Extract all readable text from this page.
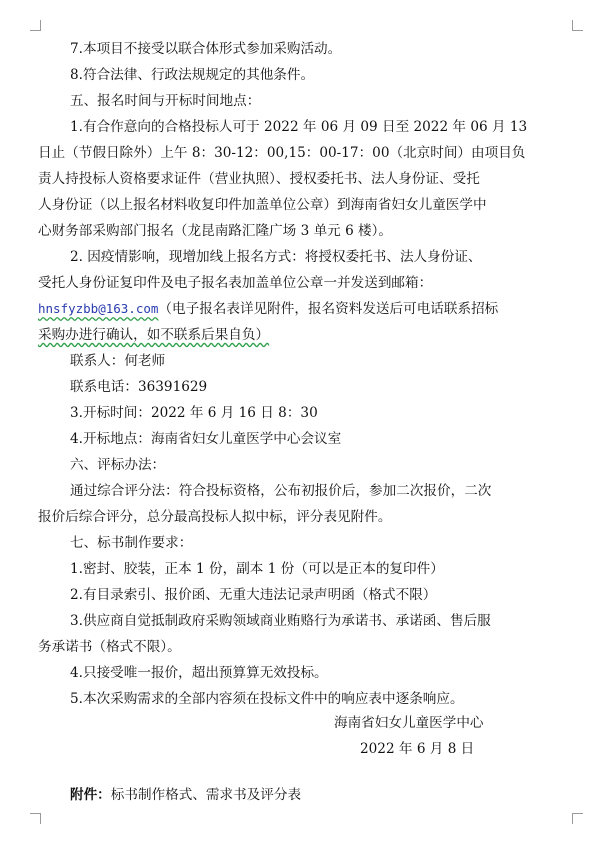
7.本项目不接受以联合体形式参加采购活动。
8.符合法律、行政法规规定的其他条件。
五、报名时间与开标时间地点：
1.有合作意向的合格投标人可于 2022 年 06 月 09 日至 2022 年 06 月 13
日止（节假日除外）上午 8：30-12：00,15：00-17：00（北京时间）由项目负
责人持投标人资格要求证件（营业执照）、授权委托书、法人身份证、受托
人身份证（以上报名材料收复印件加盖单位公章）到海南省妇女儿童医学中
心财务部采购部门报名（龙昆南路汇隆广场 3 单元 6 楼）。
2. 因疫情影响，现增加线上报名方式：将授权委托书、法人身份证、
受托人身份证复印件及电子报名表加盖单位公章一并发送到邮箱：
hnsfyzbb@163.com（电子报名表详见附件，报名资料发送后可电话联系招标
采购办进行确认，如不联系后果自负）
联系人：何老师
联系电话：36391629
3.开标时间：2022 年 6 月 16 日 8：30
4.开标地点：海南省妇女儿童医学中心会议室
六、评标办法：
通过综合评分法：符合投标资格，公布初报价后，参加二次报价，二次
报价后综合评分，总分最高投标人拟中标，评分表见附件。
七、标书制作要求：
1.密封、胶装，正本 1 份，副本 1 份（可以是正本的复印件）
2.有目录索引、报价函、无重大违法记录声明函（格式不限）
3.供应商自觉抵制政府采购领域商业贿赂行为承诺书、承诺函、售后服
务承诺书（格式不限）。
4.只接受唯一报价，超出预算算无效投标。
5.本次采购需求的全部内容须在投标文件中的响应表中逐条响应。
海南省妇女儿童医学中心
2022 年 6 月 8 日
附件：标书制作格式、需求书及评分表
